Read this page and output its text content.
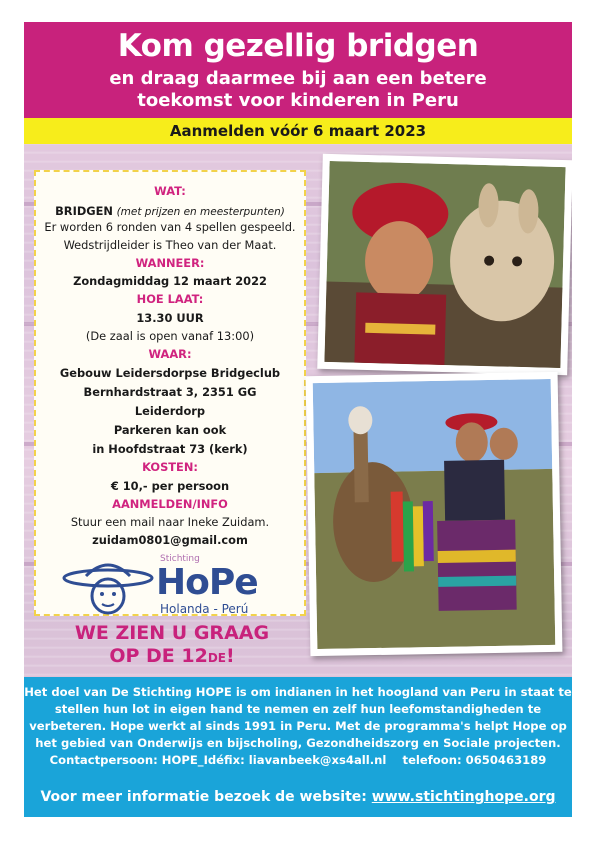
Kom gezellig bridgen
en draag daarmee bij aan een betere
toekomst voor kinderen in Peru
Aanmelden vóór 6 maart 2023
WAT:
BRIDGEN (met prijzen en meesterpunten)
Er worden 6 ronden van 4 spellen gespeeld.
Wedstrijdleider is Theo van der Maat.
WANNEER:
Zondagmiddag 12 maart 2022
HOE LAAT:
13.30 UUR
(De zaal is open vanaf 13:00)
WAAR:
Gebouw Leidersdorpse Bridgeclub
Bernhardstraat 3, 2351 GG
Leiderdorp
Parkeren kan ook
in Hoofdstraat 73 (kerk)
KOSTEN:
€ 10,- per persoon
AANMELDEN/INFO
Stuur een mail naar Ineke Zuidam.
zuidam0801@gmail.com
Stichting
HoPe
Holanda - Perú
WE ZIEN U GRAAG
OP DE 12DE!
Het doel van De Stichting HOPE is om indianen in het hoogland van Peru in staat te
stellen hun lot in eigen hand te nemen en zelf hun leefomstandigheden te
verbeteren. Hope werkt al sinds 1991 in Peru. Met de programma's helpt Hope op
het gebied van Onderwijs en bijscholing, Gezondheidszorg en Sociale projecten.
Contactpersoon: HOPE_Idéfix: liavanbeek@xs4all.nl    telefoon: 0650463189
Voor meer informatie bezoek de website: www.stichtinghope.org
